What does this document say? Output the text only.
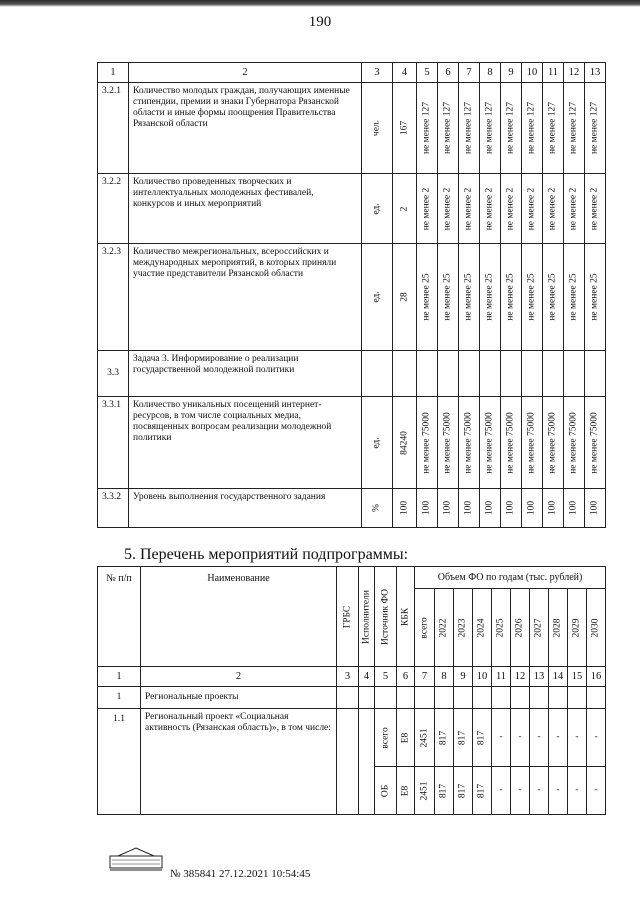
190
1	2	3	4	5	6	7	8	9	10	11	12	13
3.2.1	Количество молодых граждан, получающих именные стипендии, премии и знаки Губернатора Рязанской области и иные формы поощрения Правительства Рязанской области	чел.	167	не менее 127	не менее 127	не менее 127	не менее 127	не менее 127	не менее 127	не менее 127	не менее 127	не менее 127

3.2.2	Количество проведенных творческих и интеллектуальных молодежных фестивалей, конкурсов и иных мероприятий	ед.	2	не менее 2	не менее 2	не менее 2	не менее 2	не менее 2	не менее 2	не менее 2	не менее 2	не менее 2

3.2.3	Количество межрегиональных, всероссийских и международных мероприятий, в которых приняли участие представители Рязанской области	ед.	28	не менее 25	не менее 25	не менее 25	не менее 25	не менее 25	не менее 25	не менее 25	не менее 25	не менее 25

3.3	Задача 3. Информирование о реализации государственной молодежной политики											
3.3.1	Количество уникальных посещений интернет-ресурсов, в том числе социальных медиа, посвященных вопросам реализации молодежной политики	ед.	84240	не менее 75000	не менее 75000	не менее 75000	не менее 75000	не менее 75000	не менее 75000	не менее 75000	не менее 75000	не менее 75000

3.3.2	Уровень выполнения государственного задания	%	100	100	100	100	100	100	100	100	100	100
5. Перечень мероприятий подпрограммы:
№ п/п	Наименование	ГРБС	Исполнители	Источник ФО	КБК	Объем ФО по годам (тыс. рублей)									

						всего	2022	2023	2024	2025	2026	2027	2028	2029	2030

1	2	3	4	5	6	7	8	9	10	11	12	13	14	15	16
1	Региональные проекты														
1.1	Региональный проект «Социальная активность (Рязанская область)», в том числе:			всего	Е8	2451	817	817	817	-	-	-	-	-	-

				ОБ	Е8	2451	817	817	817	-	-	-	-	-	-
№ 385841 27.12.2021 10:54:45
